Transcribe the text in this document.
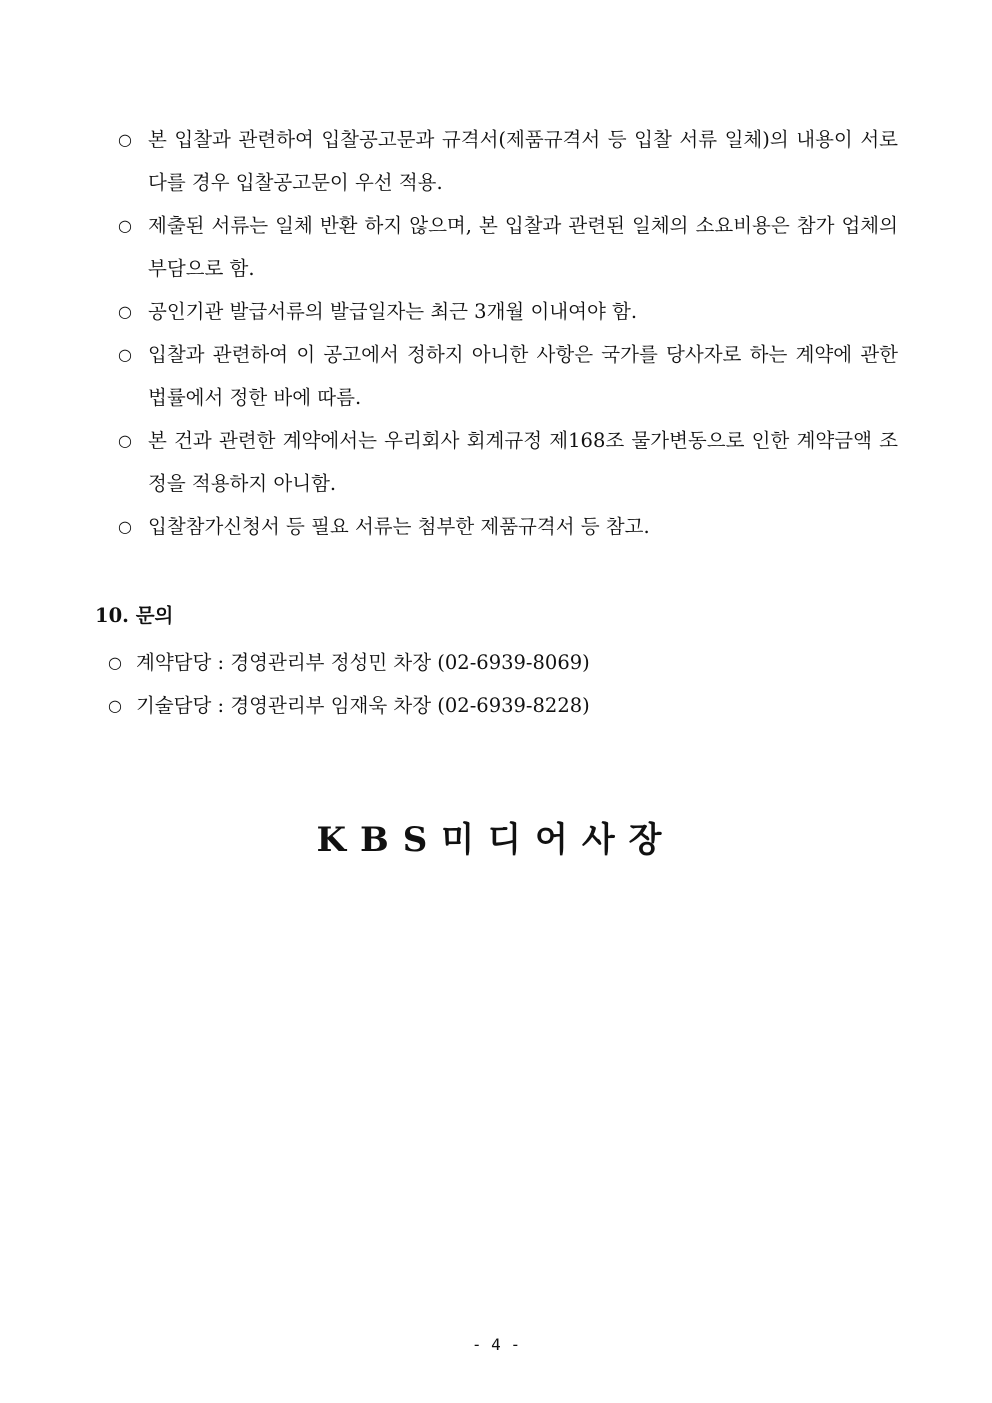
○ 본 입찰과 관련하여 입찰공고문과 규격서(제품규격서 등 입찰 서류 일체)의 내용이 서로 다를 경우 입찰공고문이 우선 적용.
○ 제출된 서류는 일체 반환 하지 않으며, 본 입찰과 관련된 일체의 소요비용은 참가 업체의 부담으로 함.
○ 공인기관 발급서류의 발급일자는 최근 3개월 이내여야 함.
○ 입찰과 관련하여 이 공고에서 정하지 아니한 사항은 국가를 당사자로 하는 계약에 관한 법률에서 정한 바에 따름.
○ 본 건과 관련한 계약에서는 우리회사 회계규정 제168조 물가변동으로 인한 계약금액 조정을 적용하지 아니함.
○ 입찰참가신청서 등 필요 서류는 첨부한 제품규격서 등 참고.
10. 문의
○ 계약담당 : 경영관리부 정성민 차장 (02-6939-8069)
○ 기술담당 : 경영관리부 임재욱 차장 (02-6939-8228)

KBS미디어사장

- 4 -
